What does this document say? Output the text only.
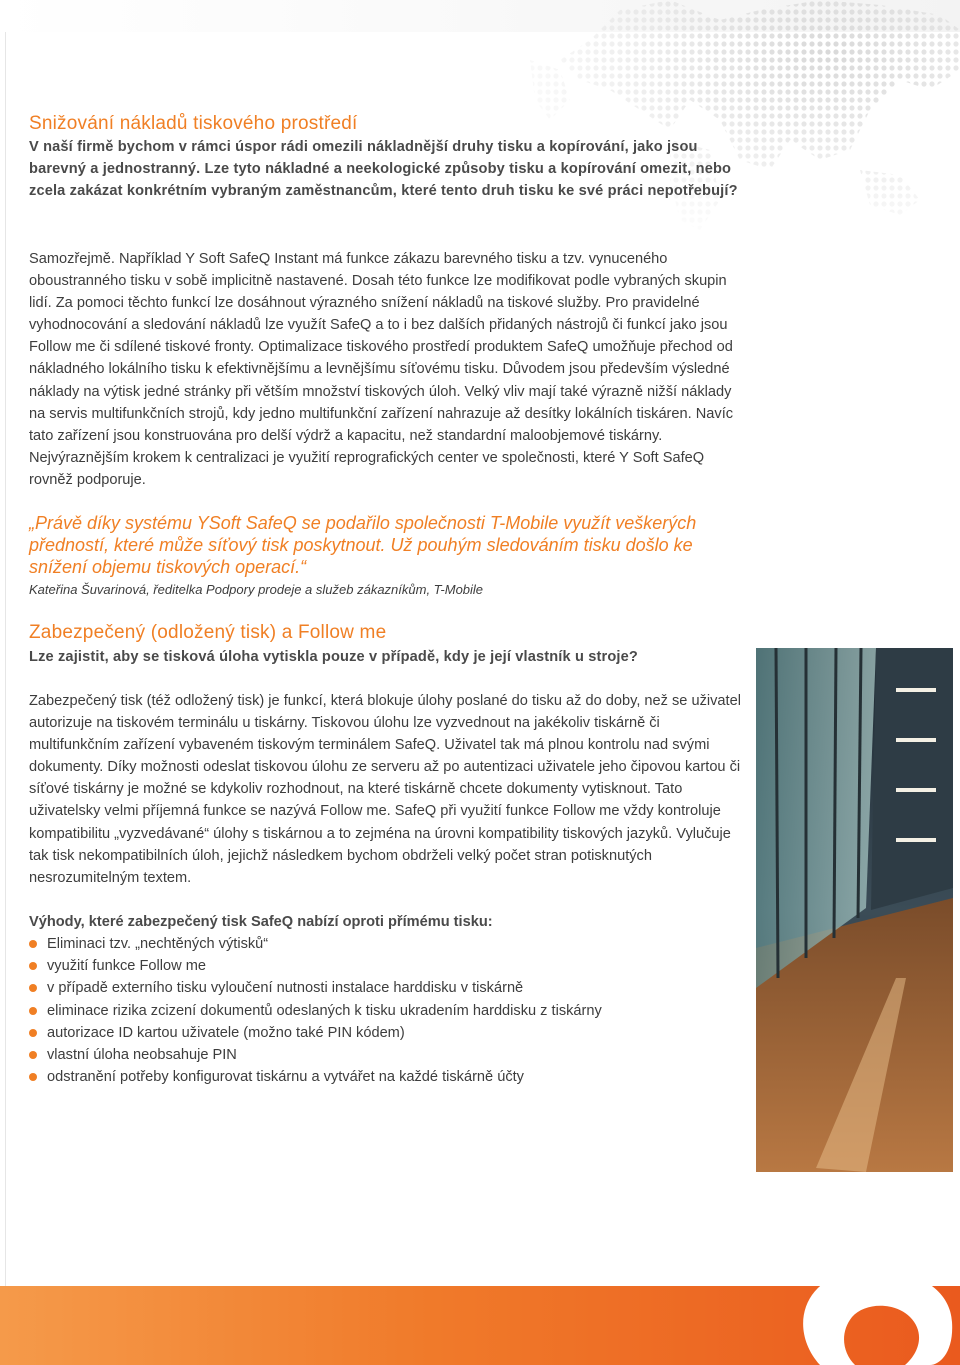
Snižování nákladů tiskového prostředí

V naší firmě bychom v rámci úspor rádi omezili nákladnější druhy tisku a kopírování, jako jsou barevný a jednostranný. Lze tyto nákladné a neekologické způsoby tisku a kopírování omezit, nebo zcela zakázat konkrétním vybraným zaměstnancům, které tento druh tisku ke své práci nepotřebují?

Samozřejmě. Například Y Soft SafeQ Instant má funkce zákazu barevného tisku a tzv. vynuceného oboustranného tisku v sobě implicitně nastavené. Dosah této funkce lze modifikovat podle vybraných skupin lidí. Za pomoci těchto funkcí lze dosáhnout výrazného snížení nákladů na tiskové služby. Pro pravidelné vyhodnocování a sledování nákladů lze využít SafeQ a to i bez dalších přidaných nástrojů či funkcí jako jsou Follow me či sdílené tiskové fronty. Optimalizace tiskového prostředí produktem SafeQ umožňuje přechod od nákladného lokálního tisku k efektivnějšímu a levnějšímu síťovému tisku. Důvodem jsou především výsledné náklady na výtisk jedné stránky při větším množství tiskových úloh. Velký vliv mají také výrazně nižší náklady na servis multifunkčních strojů, kdy jedno multifunkční zařízení nahrazuje až desítky lokálních tiskáren. Navíc tato zařízení jsou konstruována pro delší výdrž a kapacitu, než standardní maloobjemové tiskárny. Nejvýraznějším krokem k centralizaci je využití reprografických center ve společnosti, které Y Soft SafeQ rovněž podporuje.

„Právě díky systému YSoft SafeQ se podařilo společnosti T-Mobile využít veškerých předností, které může síťový tisk poskytnout. Už pouhým sledováním tisku došlo ke snížení objemu tiskových operací.“

Kateřina Šuvarinová, ředitelka Podpory prodeje a služeb zákazníkům, T-Mobile

Zabezpečený (odložený tisk) a Follow me

Lze zajistit, aby se tisková úloha vytiskla pouze v případě, kdy je její vlastník u stroje?

Zabezpečený tisk (též odložený tisk) je funkcí, která blokuje úlohy poslané do tisku až do doby, než se uživatel autorizuje na tiskovém terminálu u tiskárny. Tiskovou úlohu lze vyzvednout na jakékoliv tiskárně či multifunkčním zařízení vybaveném tiskovým terminálem SafeQ. Uživatel tak má plnou kontrolu nad svými dokumenty. Díky možnosti odeslat tiskovou úlohu ze serveru až po autentizaci uživatele jeho čipovou kartou či síťové tiskárny je možné se kdykoliv rozhodnout, na které tiskárně chcete dokumenty vytisknout. Tato uživatelsky velmi příjemná funkce se nazývá Follow me. SafeQ při využití funkce Follow me vždy kontroluje kompatibilitu „vyzvedávané“ úlohy s tiskárnou a to zejména na úrovni kompatibility tiskových jazyků. Vylučuje tak tisk nekompatibilních úloh, jejichž následkem bychom obdrželi velký počet stran potisknutých nesrozumitelným textem.

Výhody, které zabezpečený tisk SafeQ nabízí oproti přímému tisku:

Eliminaci tzv. „nechtěných výtisků“
využití funkce Follow me
v případě externího tisku vyloučení nutnosti instalace harddisku v tiskárně
eliminace rizika zcizení dokumentů odeslaných k tisku ukradením harddisku z tiskárny
autorizace ID kartou uživatele (možno také PIN kódem)
vlastní úloha neobsahuje PIN
odstranění potřeby konfigurovat tiskárnu a vytvářet na každé tiskárně účty
